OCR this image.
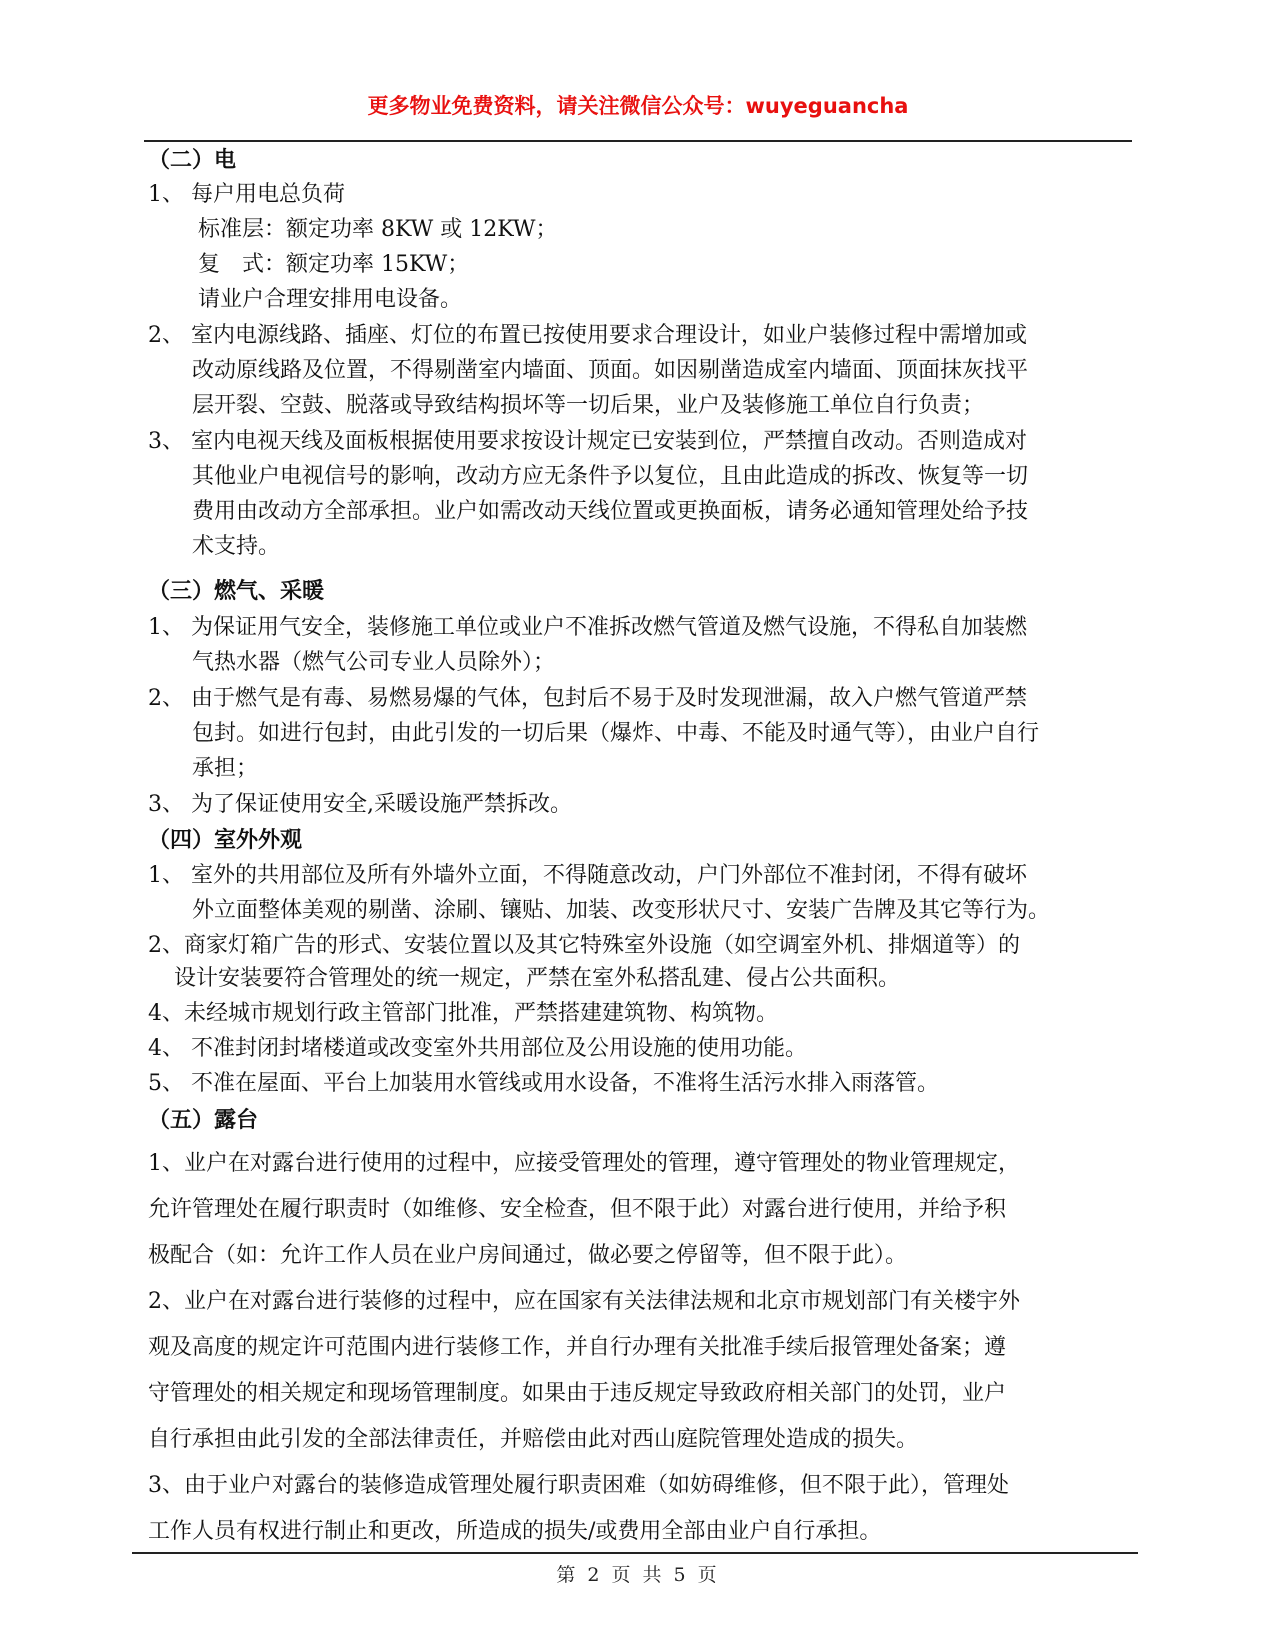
更多物业免费资料，请关注微信公众号：wuyeguancha
（二）电
1、 每户用电总负荷
标准层：额定功率 8KW 或 12KW；
复　式：额定功率 15KW；
请业户合理安排用电设备。
2、 室内电源线路、插座、灯位的布置已按使用要求合理设计，如业户装修过程中需增加或
改动原线路及位置，不得剔凿室内墙面、顶面。如因剔凿造成室内墙面、顶面抹灰找平
层开裂、空鼓、脱落或导致结构损坏等一切后果，业户及装修施工单位自行负责；
3、 室内电视天线及面板根据使用要求按设计规定已安装到位，严禁擅自改动。否则造成对
其他业户电视信号的影响，改动方应无条件予以复位，且由此造成的拆改、恢复等一切
费用由改动方全部承担。业户如需改动天线位置或更换面板，请务必通知管理处给予技
术支持。
（三）燃气、采暖
1、 为保证用气安全，装修施工单位或业户不准拆改燃气管道及燃气设施，不得私自加装燃
气热水器（燃气公司专业人员除外）；
2、 由于燃气是有毒、易燃易爆的气体，包封后不易于及时发现泄漏，故入户燃气管道严禁
包封。如进行包封，由此引发的一切后果（爆炸、中毒、不能及时通气等），由业户自行
承担；
3、 为了保证使用安全,采暖设施严禁拆改。
（四）室外外观
1、 室外的共用部位及所有外墙外立面，不得随意改动，户门外部位不准封闭，不得有破坏
外立面整体美观的剔凿、涂刷、镶贴、加装、改变形状尺寸、安装广告牌及其它等行为。
2、商家灯箱广告的形式、安装位置以及其它特殊室外设施（如空调室外机、排烟道等）的
设计安装要符合管理处的统一规定，严禁在室外私搭乱建、侵占公共面积。
4、未经城市规划行政主管部门批准，严禁搭建建筑物、构筑物。
4、 不准封闭封堵楼道或改变室外共用部位及公用设施的使用功能。
5、 不准在屋面、平台上加装用水管线或用水设备，不准将生活污水排入雨落管。
（五）露台
1、业户在对露台进行使用的过程中，应接受管理处的管理，遵守管理处的物业管理规定，
允许管理处在履行职责时（如维修、安全检查，但不限于此）对露台进行使用，并给予积
极配合（如：允许工作人员在业户房间通过，做必要之停留等，但不限于此）。
2、业户在对露台进行装修的过程中，应在国家有关法律法规和北京市规划部门有关楼宇外
观及高度的规定许可范围内进行装修工作，并自行办理有关批准手续后报管理处备案；遵
守管理处的相关规定和现场管理制度。如果由于违反规定导致政府相关部门的处罚，业户
自行承担由此引发的全部法律责任，并赔偿由此对西山庭院管理处造成的损失。
3、由于业户对露台的装修造成管理处履行职责困难（如妨碍维修，但不限于此），管理处
工作人员有权进行制止和更改，所造成的损失/或费用全部由业户自行承担。
第 2 页 共 5 页
